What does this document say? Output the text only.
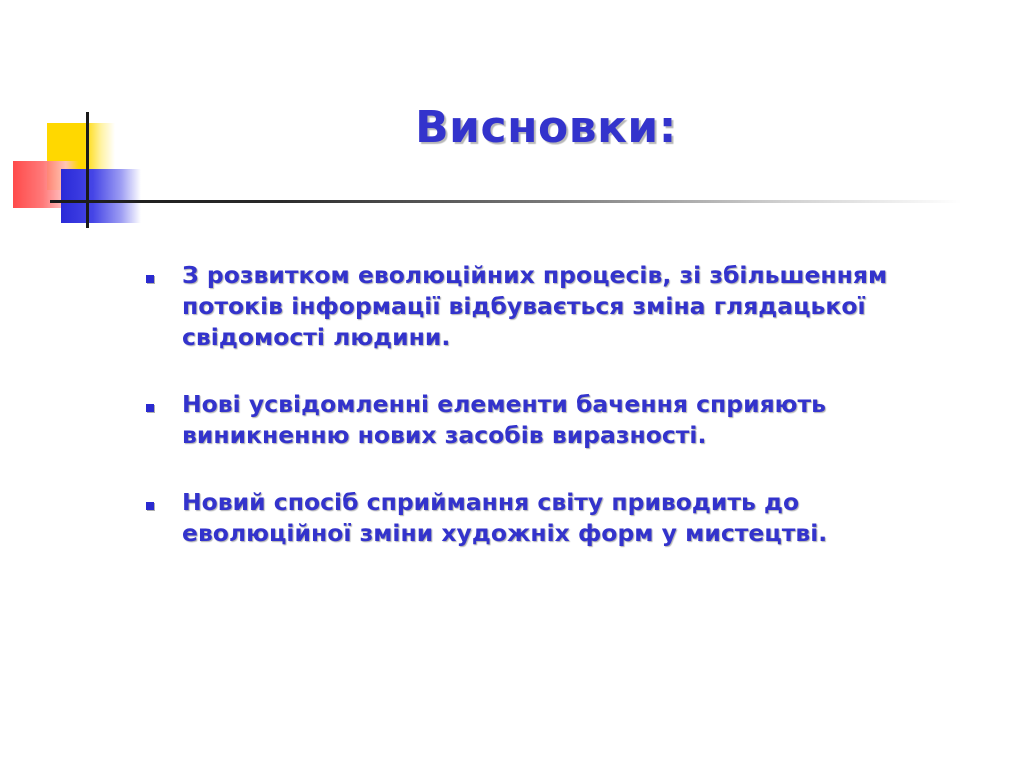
Висновки:
З розвитком еволюційних процесів, зі збільшенням потоків інформації відбувається зміна глядацької свідомості людини.
Нові усвідомленні елементи бачення сприяють виникненню нових засобів виразності.
Новий спосіб сприймання світу приводить до еволюційної зміни художніх форм у мистецтві.
